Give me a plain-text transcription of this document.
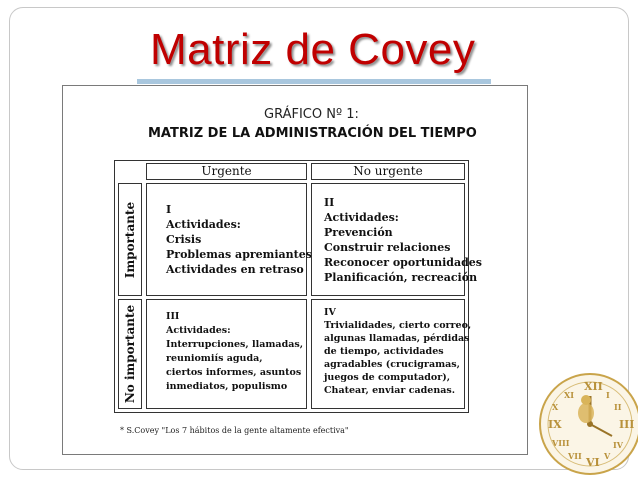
Matriz de Covey
GRÁFICO Nº 1:
MATRIZ DE LA ADMINISTRACIÓN DEL TIEMPO
Urgente	No urgente
Importante
No importante
I
Actividades:
Crisis
Problemas apremiantes
Actividades en retraso
II
Actividades:
Prevención
Construir relaciones
Reconocer oportunidades
Planificación, recreación
III
Actividades:
Interrupciones, llamadas,
reuniomiís aguda,
ciertos informes, asuntos
inmediatos, populismo
IV
Trivialidades, cierto correo,
algunas llamadas, pérdidas
de tiempo, actividades
agradables (crucigramas,
juegos de computador),
Chatear, enviar cadenas.
* S.Covey "Los 7 hábitos de la gente altamente efectiva"
XII
III
VI
IX
I
II
IV
V
VII
VIII
X
XI
